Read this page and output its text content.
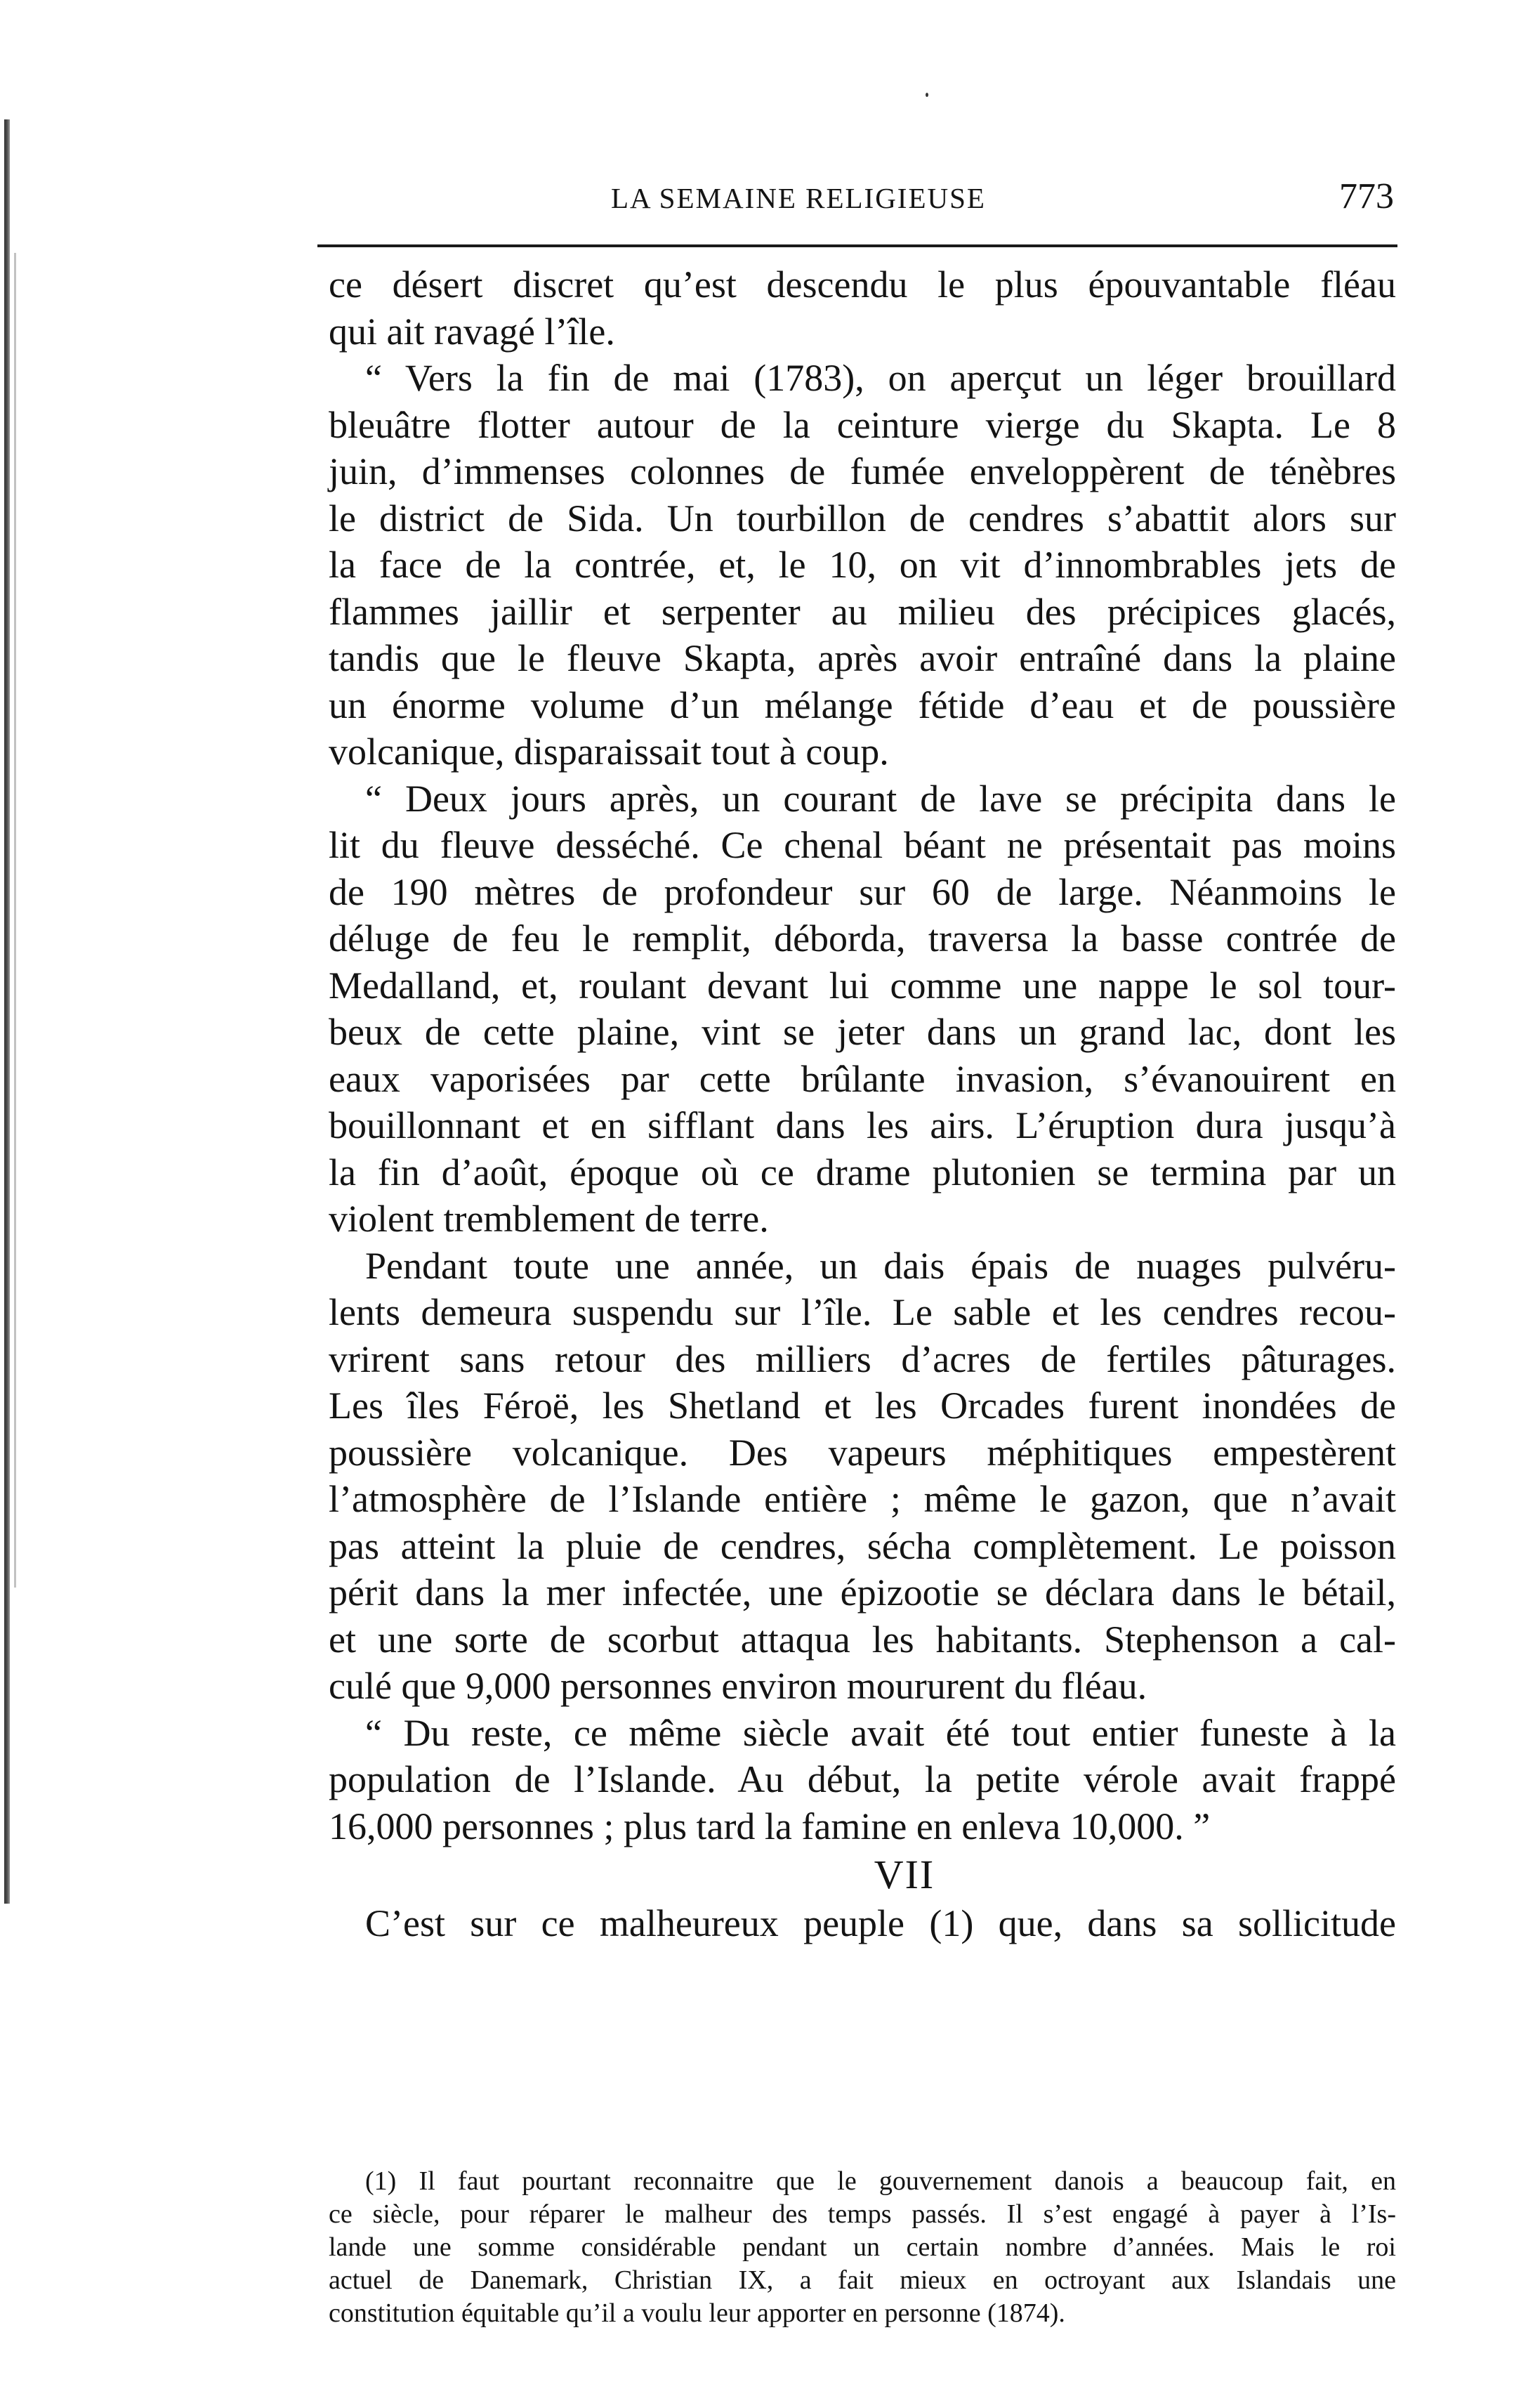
LA SEMAINE RELIGIEUSE	773
ce désert discret qu’est descendu le plus épouvantable fléau
qui ait ravagé l’île.
“ Vers la fin de mai (1783), on aperçut un léger brouillard
bleuâtre flotter autour de la ceinture vierge du Skapta. Le 8
juin, d’immenses colonnes de fumée enveloppèrent de ténèbres
le district de Sida. Un tourbillon de cendres s’abattit alors sur
la face de la contrée, et, le 10, on vit d’innombrables jets de
flammes jaillir et serpenter au milieu des précipices glacés,
tandis que le fleuve Skapta, après avoir entraîné dans la plaine
un énorme volume d’un mélange fétide d’eau et de poussière
volcanique, disparaissait tout à coup.
“ Deux jours après, un courant de lave se précipita dans le
lit du fleuve desséché. Ce chenal béant ne présentait pas moins
de 190 mètres de profondeur sur 60 de large. Néanmoins le
déluge de feu le remplit, déborda, traversa la basse contrée de
Medalland, et, roulant devant lui comme une nappe le sol tour-
beux de cette plaine, vint se jeter dans un grand lac, dont les
eaux vaporisées par cette brûlante invasion, s’évanouirent en
bouillonnant et en sifflant dans les airs. L’éruption dura jusqu’à
la fin d’août, époque où ce drame plutonien se termina par un
violent tremblement de terre.
Pendant toute une année, un dais épais de nuages pulvéru-
lents demeura suspendu sur l’île. Le sable et les cendres recou-
vrirent sans retour des milliers d’acres de fertiles pâturages.
Les îles Féroë, les Shetland et les Orcades furent inondées de
poussière volcanique. Des vapeurs méphitiques empestèrent
l’atmosphère de l’Islande entière ; même le gazon, que n’avait
pas atteint la pluie de cendres, sécha complètement. Le poisson
périt dans la mer infectée, une épizootie se déclara dans le bétail,
et une sorte de scorbut attaqua les habitants. Stephenson a cal-
culé que 9,000 personnes environ moururent du fléau.
“ Du reste, ce même siècle avait été tout entier funeste à la
population de l’Islande. Au début, la petite vérole avait frappé
16,000 personnes ; plus tard la famine en enleva 10,000. ”
VII
C’est sur ce malheureux peuple (1) que, dans sa sollicitude
(1) Il faut pourtant reconnaitre que le gouvernement danois a beaucoup fait, en
ce siècle, pour réparer le malheur des temps passés. Il s’est engagé à payer à l’Is-
lande une somme considérable pendant un certain nombre d’années. Mais le roi
actuel de Danemark, Christian IX, a fait mieux en octroyant aux Islandais une
constitution équitable qu’il a voulu leur apporter en personne (1874).
